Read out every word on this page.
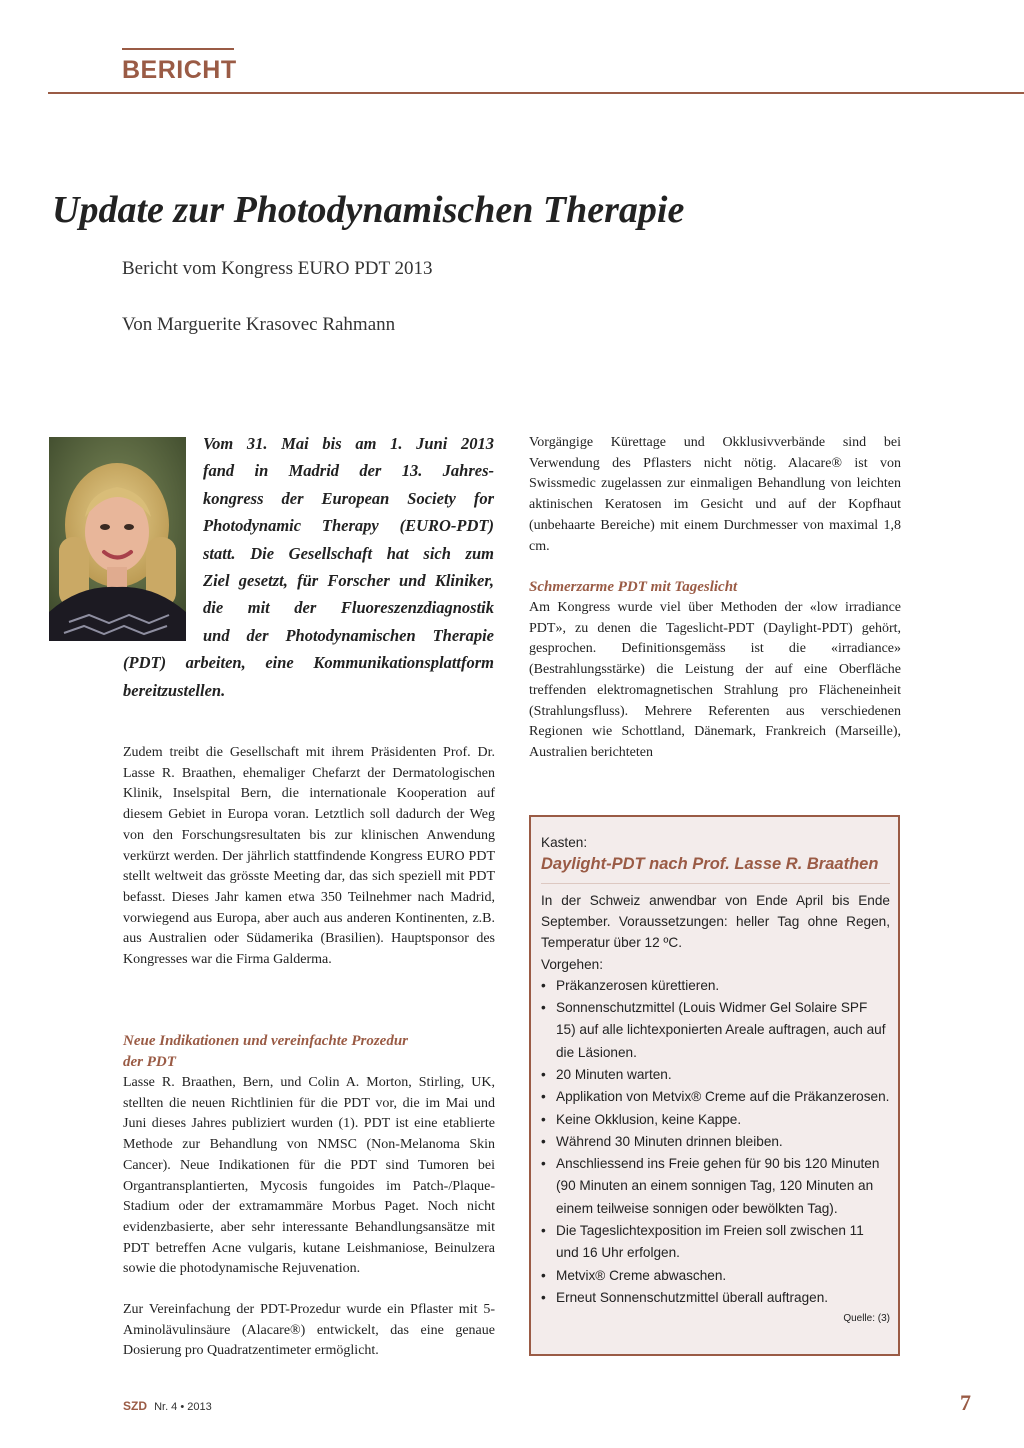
BERICHT
Update zur Photodynamischen Therapie
Bericht vom Kongress EURO PDT 2013
Von Marguerite Krasovec Rahmann
Vom 31. Mai bis am 1. Juni 2013
fand in Madrid der 13. Jahres-
kongress der European Society for
Photodynamic Therapy (EURO-PDT)
statt. Die Gesellschaft hat sich zum
Ziel gesetzt, für Forscher und Kliniker,
die mit der Fluoreszenzdiagnostik
und der Photodynamischen Therapie
(PDT) arbeiten, eine Kommunikationsplattform
bereitzustellen.
Zudem treibt die Gesellschaft mit ihrem Präsidenten Prof. Dr. Lasse R. Braathen, ehemaliger Chefarzt der Dermatologischen Klinik, Inselspital Bern, die internationale Kooperation auf diesem Gebiet in Europa voran. Letztlich soll dadurch der Weg von den Forschungsresultaten bis zur klinischen Anwendung verkürzt werden. Der jährlich stattfindende Kongress EURO PDT stellt weltweit das grösste Meeting dar, das sich speziell mit PDT befasst. Dieses Jahr kamen etwa 350 Teilnehmer nach Madrid, vorwiegend aus Europa, aber auch aus anderen Kontinenten, z.B. aus Australien oder Südamerika (Brasilien). Hauptsponsor des Kongresses war die Firma Galderma.
Neue Indikationen und vereinfachte Prozedur
der PDT
Lasse R. Braathen, Bern, und Colin A. Morton, Stirling, UK, stellten die neuen Richtlinien für die PDT vor, die im Mai und Juni dieses Jahres publiziert wurden (1). PDT ist eine etablierte Methode zur Behandlung von NMSC (Non-Melanoma Skin Cancer). Neue Indikationen für die PDT sind Tumoren bei Organtransplantierten, Mycosis fungoides im Patch-/Plaque-Stadium oder der extramammäre Morbus Paget. Noch nicht evidenzbasierte, aber sehr interessante Behandlungsansätze mit PDT betreffen Acne vulgaris, kutane Leishmaniose, Beinulzera sowie die photodynamische Rejuvenation.
Zur Vereinfachung der PDT-Prozedur wurde ein Pflaster mit 5-Aminolävulinsäure (Alacare®) entwickelt, das eine genaue Dosierung pro Quadratzentimeter ermöglicht.
Vorgängige Kürettage und Okklusivverbände sind bei Verwendung des Pflasters nicht nötig. Alacare® ist von Swissmedic zugelassen zur einmaligen Behandlung von leichten aktinischen Keratosen im Gesicht und auf der Kopfhaut (unbehaarte Bereiche) mit einem Durchmesser von maximal 1,8 cm.
Schmerzarme PDT mit Tageslicht
Am Kongress wurde viel über Methoden der «low irradiance PDT», zu denen die Tageslicht-PDT (Daylight-PDT) gehört, gesprochen. Definitionsgemäss ist die «irradiance» (Bestrahlungsstärke) die Leistung der auf eine Oberfläche treffenden elektromagnetischen Strahlung pro Flächeneinheit (Strahlungsfluss). Mehrere Referenten aus verschiedenen Regionen wie Schottland, Dänemark, Frankreich (Marseille), Australien berichteten
Kasten:
Daylight-PDT nach Prof. Lasse R. Braathen
In der Schweiz anwendbar von Ende April bis Ende September. Voraussetzungen: heller Tag ohne Regen, Temperatur über 12 ºC.
Vorgehen:
• Präkanzerosen kürettieren.
• Sonnenschutzmittel (Louis Widmer Gel Solaire SPF 15) auf alle lichtexponierten Areale auftragen, auch auf die Läsionen.
• 20 Minuten warten.
• Applikation von Metvix® Creme auf die Präkanzerosen.
• Keine Okklusion, keine Kappe.
• Während 30 Minuten drinnen bleiben.
• Anschliessend ins Freie gehen für 90 bis 120 Minuten (90 Minuten an einem sonnigen Tag, 120 Minuten an einem teilweise sonnigen oder bewölkten Tag).
• Die Tageslichtexposition im Freien soll zwischen 11 und 16 Uhr erfolgen.
• Metvix® Creme abwaschen.
• Erneut Sonnenschutzmittel überall auftragen.
Quelle: (3)
SZD Nr. 4 • 2013	7
